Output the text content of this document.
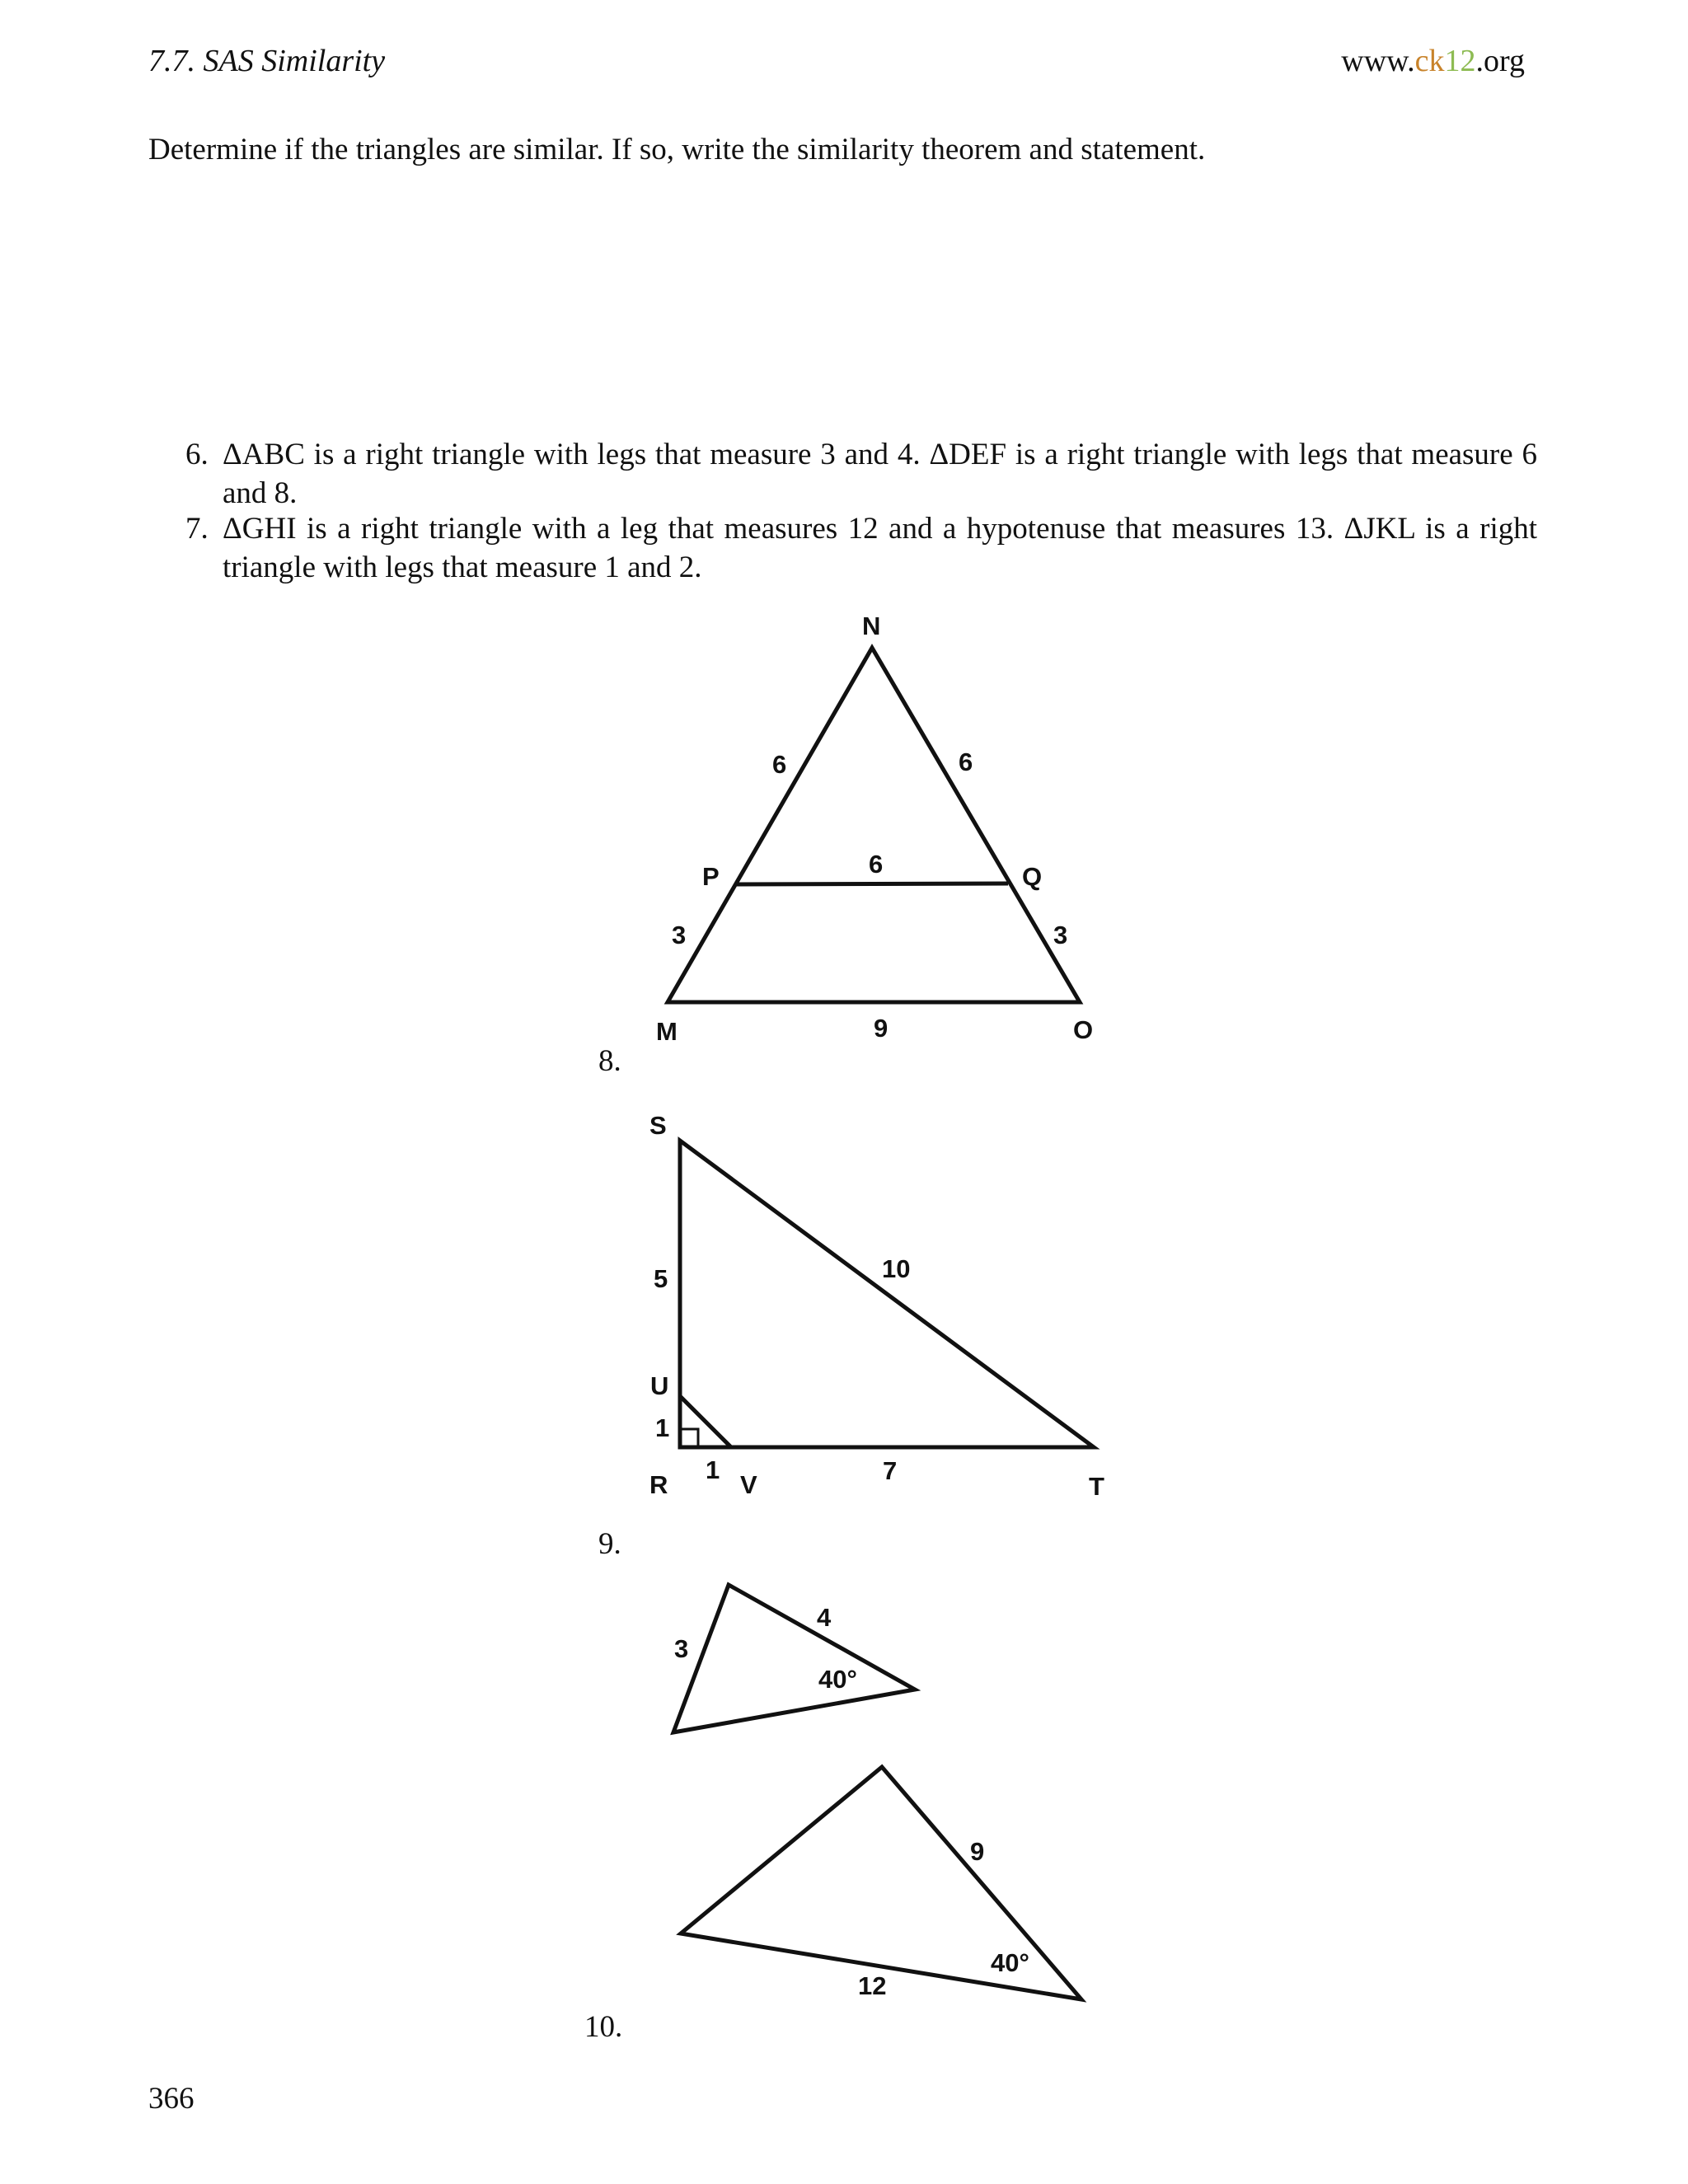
7.7. SAS Similarity	www.ck12.org
Determine if the triangles are similar. If so, write the similarity theorem and statement.
6. ΔABC is a right triangle with legs that measure 3 and 4. ΔDEF is a right triangle with legs that measure 6 and 8.
7. ΔGHI is a right triangle with a leg that measures 12 and a hypotenuse that measures 13. ΔJKL is a right triangle with legs that measure 1 and 2.
N
P	Q
M	O
6	6
6
3	3
9
S
U
R	V	T
5	10
1
1	7
3
4
40°
9
12
40°
8.
9.
10.
366
